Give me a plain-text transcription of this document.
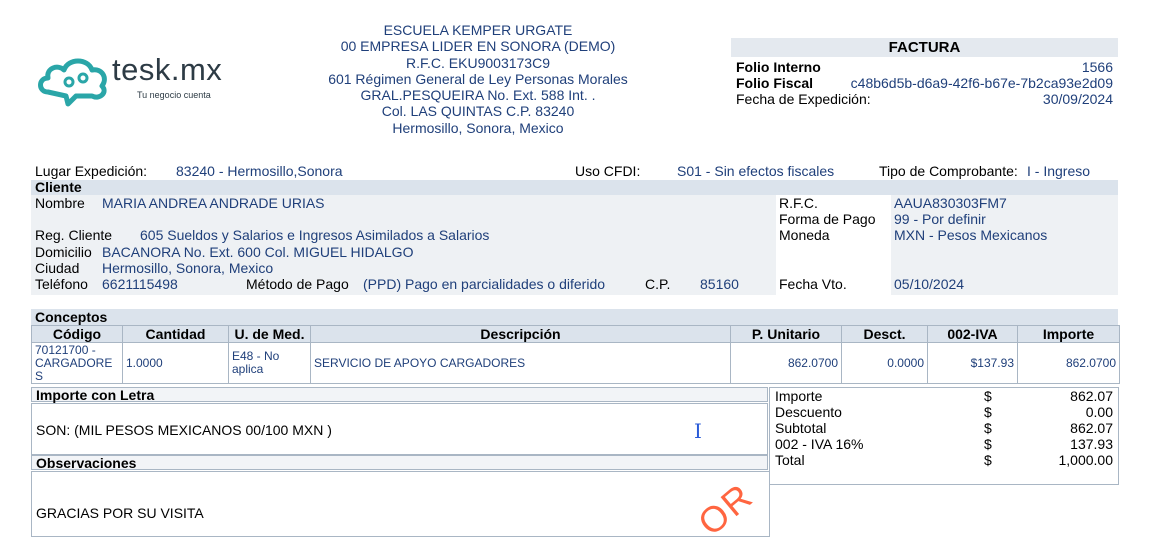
tesk.mx
Tu negocio cuenta
ESCUELA KEMPER URGATE
00 EMPRESA LIDER EN SONORA (DEMO)
R.F.C. EKU9003173C9
601 Régimen General de Ley Personas Morales
GRAL.PESQUEIRA No. Ext. 588 Int. .
Col. LAS QUINTAS C.P. 83240
Hermosillo, Sonora, Mexico
FACTURA
Folio Interno	1566
Folio Fiscal	c48b6d5b-d6a9-42f6-b67e-7b2ca93e2d09
Fecha de Expedición:	30/09/2024
Lugar Expedición: 83240 - Hermosillo,Sonora	Uso CFDI:	S01 - Sin efectos fiscales	Tipo de Comprobante: I - Ingreso
Cliente
Nombre MARIA ANDREA ANDRADE URIAS	R.F.C.	AAUA830303FM7
Forma de Pago 99 - Por definir
Reg. Cliente 605 Sueldos y Salarios e Ingresos Asimilados a Salarios	Moneda	MXN - Pesos Mexicanos
Domicilio BACANORA No. Ext. 600 Col. MIGUEL HIDALGO
Ciudad Hermosillo, Sonora, Mexico
Teléfono 6621115498	Método de Pago (PPD) Pago en parcialidades o diferido	C.P. 85160	Fecha Vto.	05/10/2024
Conceptos
Código	Cantidad	U. de Med.	Descripción	P. Unitario	Desct.	002-IVA	Importe
70121700 - CARGADORE S	1.0000	E48 - No aplica	SERVICIO DE APOYO CARGADORES	862.0700	0.0000	$137.93	862.0700
Importe con Letra
SON: (MIL PESOS MEXICANOS 00/100 MXN )	I
Observaciones
GRACIAS POR SU VISITA
Importe	$	862.07
Descuento	$	0.00
Subtotal	$	862.07
002 - IVA 16%	$	137.93
Total	$	1,000.00
OR
